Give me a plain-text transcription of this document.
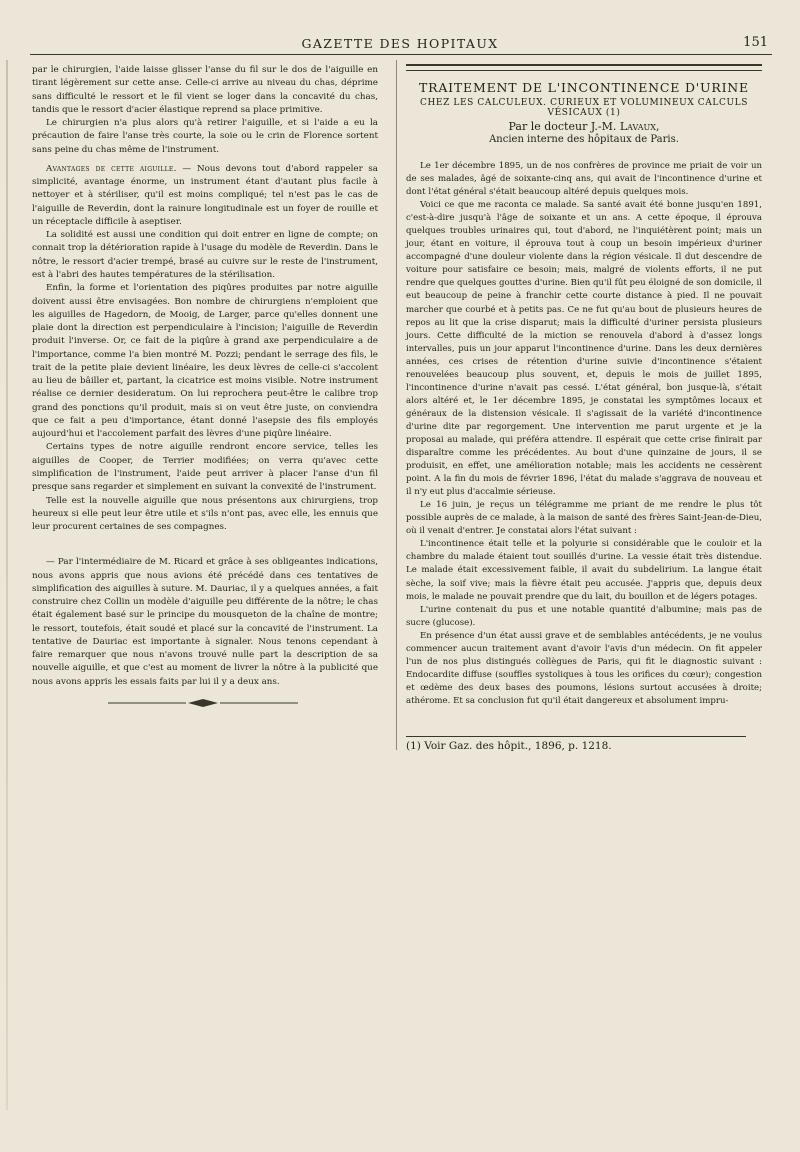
GAZETTE DES HOPITAUX	151

par le chirurgien, l'aide laisse glisser l'anse du fil sur le dos de l'aiguille en tirant légèrement sur cette anse. Celle-ci arrive au niveau du chas, déprime sans difficulté le ressort et le fil vient se loger dans la concavité du chas, tandis que le ressort d'acier élastique reprend sa place primitive.

Le chirurgien n'a plus alors qu'à retirer l'aiguille, et si l'aide a eu la précaution de faire l'anse très courte, la soie ou le crin de Florence sortent sans peine du chas même de l'instrument.

Avantages de cette aiguille. — Nous devons tout d'abord rappeler sa simplicité, avantage énorme, un instrument étant d'autant plus facile à nettoyer et à stériliser, qu'il est moins compliqué; tel n'est pas le cas de l'aiguille de Reverdin, dont la rainure longitudinale est un foyer de rouille et un réceptacle difficile à aseptiser.

La solidité est aussi une condition qui doit entrer en ligne de compte; on connait trop la détérioration rapide à l'usage du modèle de Reverdin. Dans le nôtre, le ressort d'acier trempé, brasé au cuivre sur le reste de l'instrument, est à l'abri des hautes températures de la stérilisation.

Enfin, la forme et l'orientation des piqûres produites par notre aiguille doivent aussi être envisagées. Bon nombre de chirurgiens n'emploient que les aiguilles de Hagedorn, de Mooig, de Larger, parce qu'elles donnent une plaie dont la direction est perpendiculaire à l'incision; l'aiguille de Reverdin produit l'inverse. Or, ce fait de la piqûre à grand axe perpendiculaire a de l'importance, comme l'a bien montré M. Pozzi; pendant le serrage des fils, le trait de la petite plaie devient linéaire, les deux lèvres de celle-ci s'accolent au lieu de bâiller et, partant, la cicatrice est moins visible. Notre instrument réalise ce dernier desideratum. On lui reprochera peut-être le calibre trop grand des ponctions qu'il produit, mais si on veut être juste, on conviendra que ce fait a peu d'importance, étant donné l'asepsie des fils employés aujourd'hui et l'accolement parfait des lèvres d'une piqûre linéaire.

Certains types de notre aiguille rendront encore service, telles les aiguilles de Cooper, de Terrier modifiées; on verra qu'avec cette simplification de l'instrument, l'aide peut arriver à placer l'anse d'un fil presque sans regarder et simplement en suivant la convexité de l'instrument.

Telle est la nouvelle aiguille que nous présentons aux chirurgiens, trop heureux si elle peut leur être utile et s'ils n'ont pas, avec elle, les ennuis que leur procurent certaines de ses compagnes.

— Par l'intermédiaire de M. Ricard et grâce à ses obligeantes indications, nous avons appris que nous avions été précédé dans ces tentatives de simplification des aiguilles à suture. M. Dauriac, il y a quelques années, a fait construire chez Collin un modèle d'aiguille peu différente de la nôtre; le chas était également basé sur le principe du mousqueton de la chaîne de montre; le ressort, toutefois, était soudé et placé sur la concavité de l'instrument. La tentative de Dauriac est importante à signaler. Nous tenons cependant à faire remarquer que nous n'avons trouvé nulle part la description de sa nouvelle aiguille, et que c'est au moment de livrer la nôtre à la publicité que nous avons appris les essais faits par lui il y a deux ans.

TRAITEMENT DE L'INCONTINENCE D'URINE
CHEZ LES CALCULEUX. CURIEUX ET VOLUMINEUX CALCULS VÉSICAUX (1)
Par le docteur J.-M. Lavaux,
Ancien interne des hôpitaux de Paris.

Le 1er décembre 1895, un de nos confrères de province me priait de voir un de ses malades, âgé de soixante-cinq ans, qui avait de l'incontinence d'urine et dont l'état général s'était beaucoup altéré depuis quelques mois.

Voici ce que me raconta ce malade. Sa santé avait été bonne jusqu'en 1891, c'est-à-dire jusqu'à l'âge de soixante et un ans. A cette époque, il éprouva quelques troubles urinaires qui, tout d'abord, ne l'inquiétèrent point; mais un jour, étant en voiture, il éprouva tout à coup un besoin impérieux d'uriner accompagné d'une douleur violente dans la région vésicale. Il dut descendre de voiture pour satisfaire ce besoin; mais, malgré de violents efforts, il ne put rendre que quelques gouttes d'urine. Bien qu'il fût peu éloigné de son domicile, il eut beaucoup de peine à franchir cette courte distance à pied. Il ne pouvait marcher que courbé et à petits pas. Ce ne fut qu'au bout de plusieurs heures de repos au lit que la crise disparut; mais la difficulté d'uriner persista plusieurs jours. Cette difficulté de la miction se renouvela d'abord à d'assez longs intervalles, puis un jour apparut l'incontinence d'urine. Dans les deux dernières années, ces crises de rétention d'urine suivie d'incontinence s'étaient renouvelées beaucoup plus souvent, et, depuis le mois de juillet 1895, l'incontinence d'urine n'avait pas cessé. L'état général, bon jusque-là, s'était alors altéré et, le 1er décembre 1895, je constatai les symptômes locaux et généraux de la distension vésicale. Il s'agissait de la variété d'incontinence d'urine dite par regorgement. Une intervention me parut urgente et je la proposai au malade, qui préféra attendre. Il espérait que cette crise finirait par disparaître comme les précédentes. Au bout d'une quinzaine de jours, il se produisit, en effet, une amélioration notable; mais les accidents ne cessèrent point. A la fin du mois de février 1896, l'état du malade s'aggrava de nouveau et il n'y eut plus d'accalmie sérieuse.

Le 16 juin, je reçus un télégramme me priant de me rendre le plus tôt possible auprès de ce malade, à la maison de santé des frères Saint-Jean-de-Dieu, où il venait d'entrer. Je constatai alors l'état suivant :

L'incontinence était telle et la polyurie si considérable que le couloir et la chambre du malade étaient tout souillés d'urine. La vessie était très distendue. Le malade était excessivement faible, il avait du subdelirium. La langue était sèche, la soif vive; mais la fièvre était peu accusée. J'appris que, depuis deux mois, le malade ne pouvait prendre que du lait, du bouillon et de légers potages.

L'urine contenait du pus et une notable quantité d'albumine; mais pas de sucre (glucose).

En présence d'un état aussi grave et de semblables antécédents, je ne voulus commencer aucun traitement avant d'avoir l'avis d'un médecin. On fit appeler l'un de nos plus distingués collègues de Paris, qui fit le diagnostic suivant : Endocardite diffuse (souffles systoliques à tous les orifices du cœur); congestion et œdème des deux bases des poumons, lésions surtout accusées à droite; athérome. Et sa conclusion fut qu'il était dangereux et absolument impru-

(1) Voir Gaz. des hôpit., 1896, p. 1218.
